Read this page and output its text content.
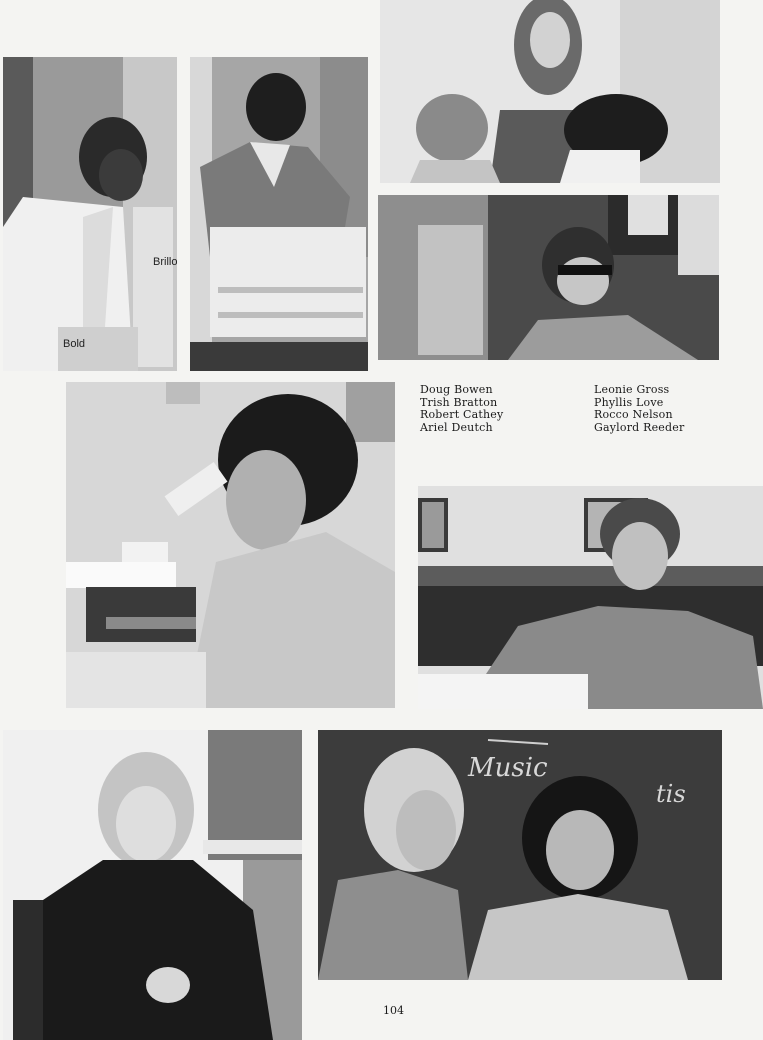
Bold
Brillo
Music
tis
Doug Bowen
Trish Bratton
Robert Cathey
Ariel Deutch
Leonie Gross
Phyllis Love
Rocco Nelson
Gaylord Reeder
104
